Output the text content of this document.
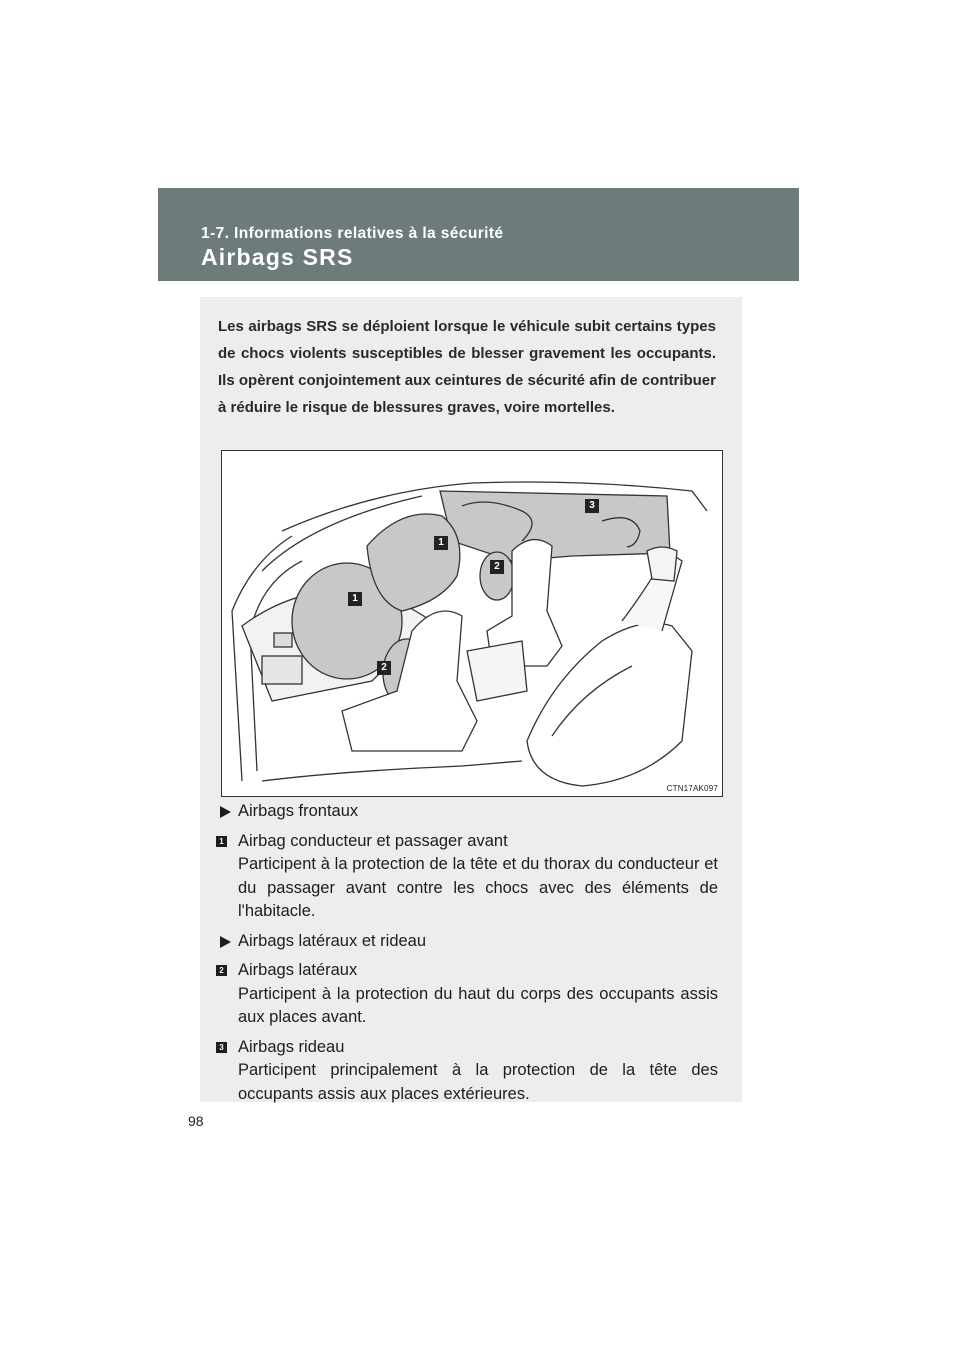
1-7. Informations relatives à la sécurité
Airbags SRS
Les airbags SRS se déploient lorsque le véhicule subit certains types de chocs violents susceptibles de blesser gravement les occupants. Ils opèrent conjointement aux ceintures de sécurité afin de contribuer à réduire le risque de blessures graves, voire mortelles.
1
2
3
1
2
CTN17AK097
Airbags frontaux
1 Airbag conducteur et passager avant
Participent à la protection de la tête et du thorax du conducteur et du passager avant contre les chocs avec des éléments de l'habitacle.
Airbags latéraux et rideau
2 Airbags latéraux
Participent à la protection du haut du corps des occupants assis aux places avant.
3 Airbags rideau
Participent principalement à la protection de la tête des occupants assis aux places extérieures.
98
